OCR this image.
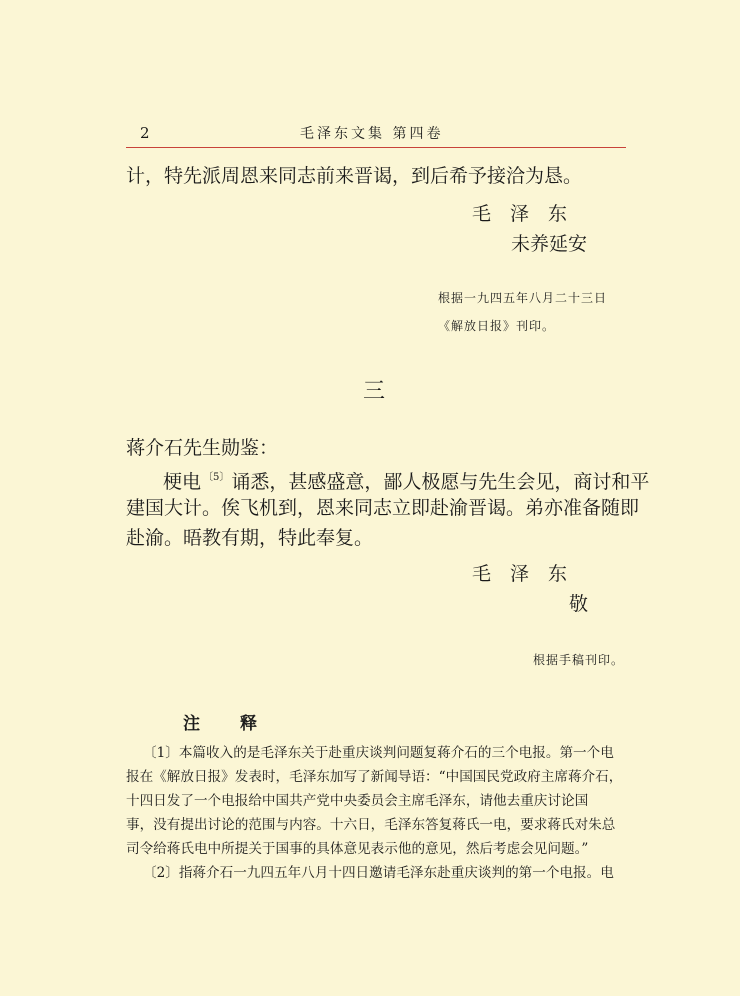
2	毛泽东文集 第四卷
计，特先派周恩来同志前来晋谒，到后希予接洽为恳。
毛　泽　东
未养延安
根据一九四五年八月二十三日
《解放日报》刊印。
三
蒋介石先生勋鉴：
梗电 $^{〔5〕}$ 诵悉，甚感盛意，鄙人极愿与先生会见，商讨和平
建国大计。俟飞机到，恩来同志立即赴渝晋谒。弟亦准备随即
赴渝。晤教有期，特此奉复。
毛　泽　东
敬
根据手稿刊印。
注 释
〔1〕本篇收入的是毛泽东关于赴重庆谈判问题复蒋介石的三个电报。第一个电
报在《解放日报》发表时，毛泽东加写了新闻导语：“中国国民党政府主席蒋介石，
十四日发了一个电报给中国共产党中央委员会主席毛泽东，请他去重庆讨论国
事，没有提出讨论的范围与内容。十六日，毛泽东答复蒋氏一电，要求蒋氏对朱总
司令给蒋氏电中所提关于国事的具体意见表示他的意见，然后考虑会见问题。”
〔2〕指蒋介石一九四五年八月十四日邀请毛泽东赴重庆谈判的第一个电报。电
